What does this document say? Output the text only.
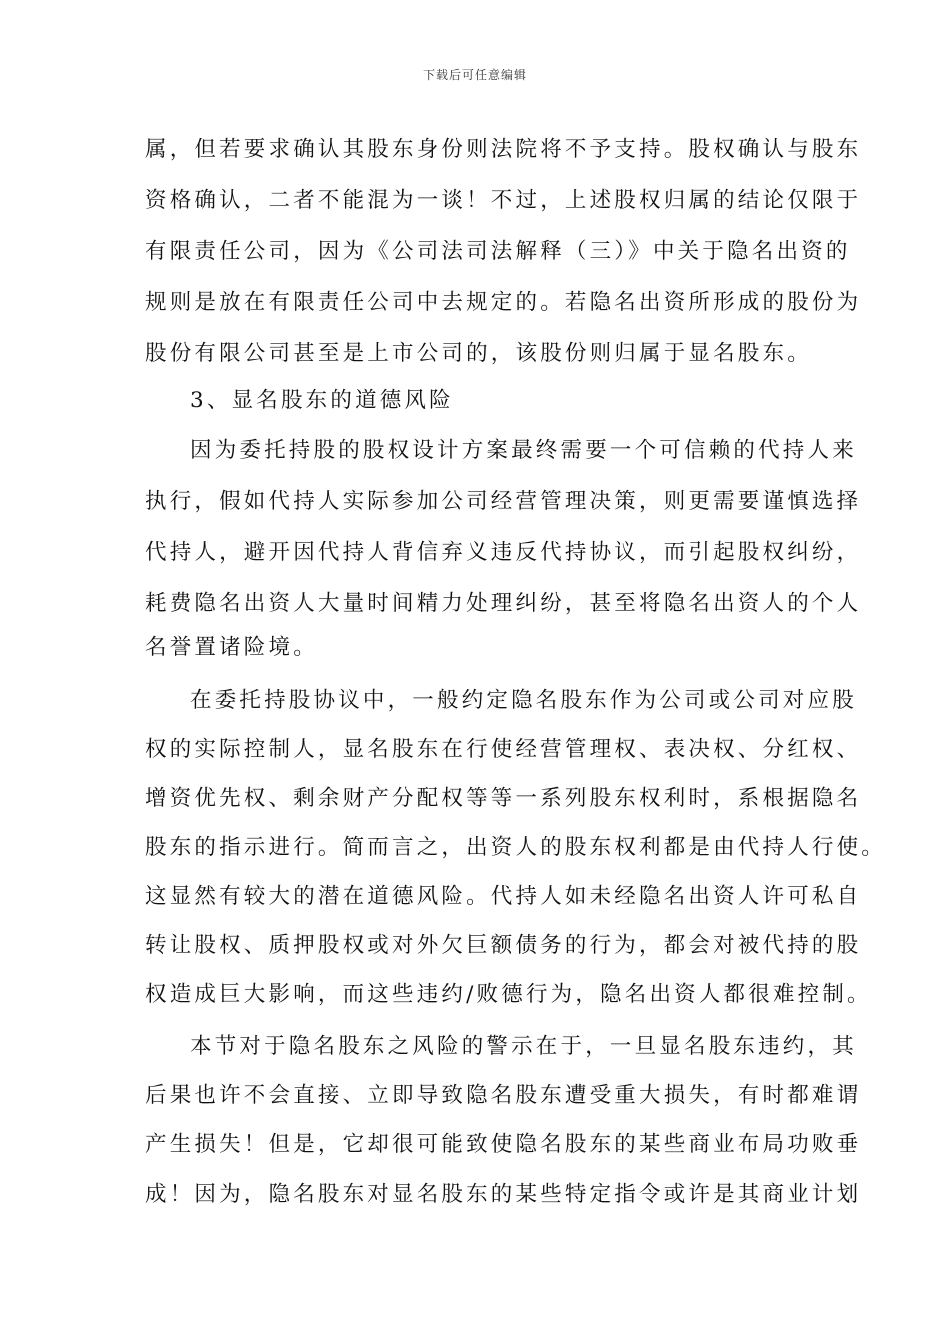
下载后可任意编辑
属，但若要求确认其股东身份则法院将不予支持。股权确认与股东
资格确认，二者不能混为一谈！不过，上述股权归属的结论仅限于
有限责任公司，因为《公司法司法解释（三）》中关于隐名出资的
规则是放在有限责任公司中去规定的。若隐名出资所形成的股份为
股份有限公司甚至是上市公司的，该股份则归属于显名股东。
3、显名股东的道德风险
因为委托持股的股权设计方案最终需要一个可信赖的代持人来
执行，假如代持人实际参加公司经营管理决策，则更需要谨慎选择
代持人，避开因代持人背信弃义违反代持协议，而引起股权纠纷，
耗费隐名出资人大量时间精力处理纠纷，甚至将隐名出资人的个人
名誉置诸险境。
在委托持股协议中，一般约定隐名股东作为公司或公司对应股
权的实际控制人，显名股东在行使经营管理权、表决权、分红权、
增资优先权、剩余财产分配权等等一系列股东权利时，系根据隐名
股东的指示进行。简而言之，出资人的股东权利都是由代持人行使。
这显然有较大的潜在道德风险。代持人如未经隐名出资人许可私自
转让股权、质押股权或对外欠巨额债务的行为，都会对被代持的股
权造成巨大影响，而这些违约/败德行为，隐名出资人都很难控制。
本节对于隐名股东之风险的警示在于，一旦显名股东违约，其
后果也许不会直接、立即导致隐名股东遭受重大损失，有时都难谓
产生损失！但是，它却很可能致使隐名股东的某些商业布局功败垂
成！因为，隐名股东对显名股东的某些特定指令或许是其商业计划
